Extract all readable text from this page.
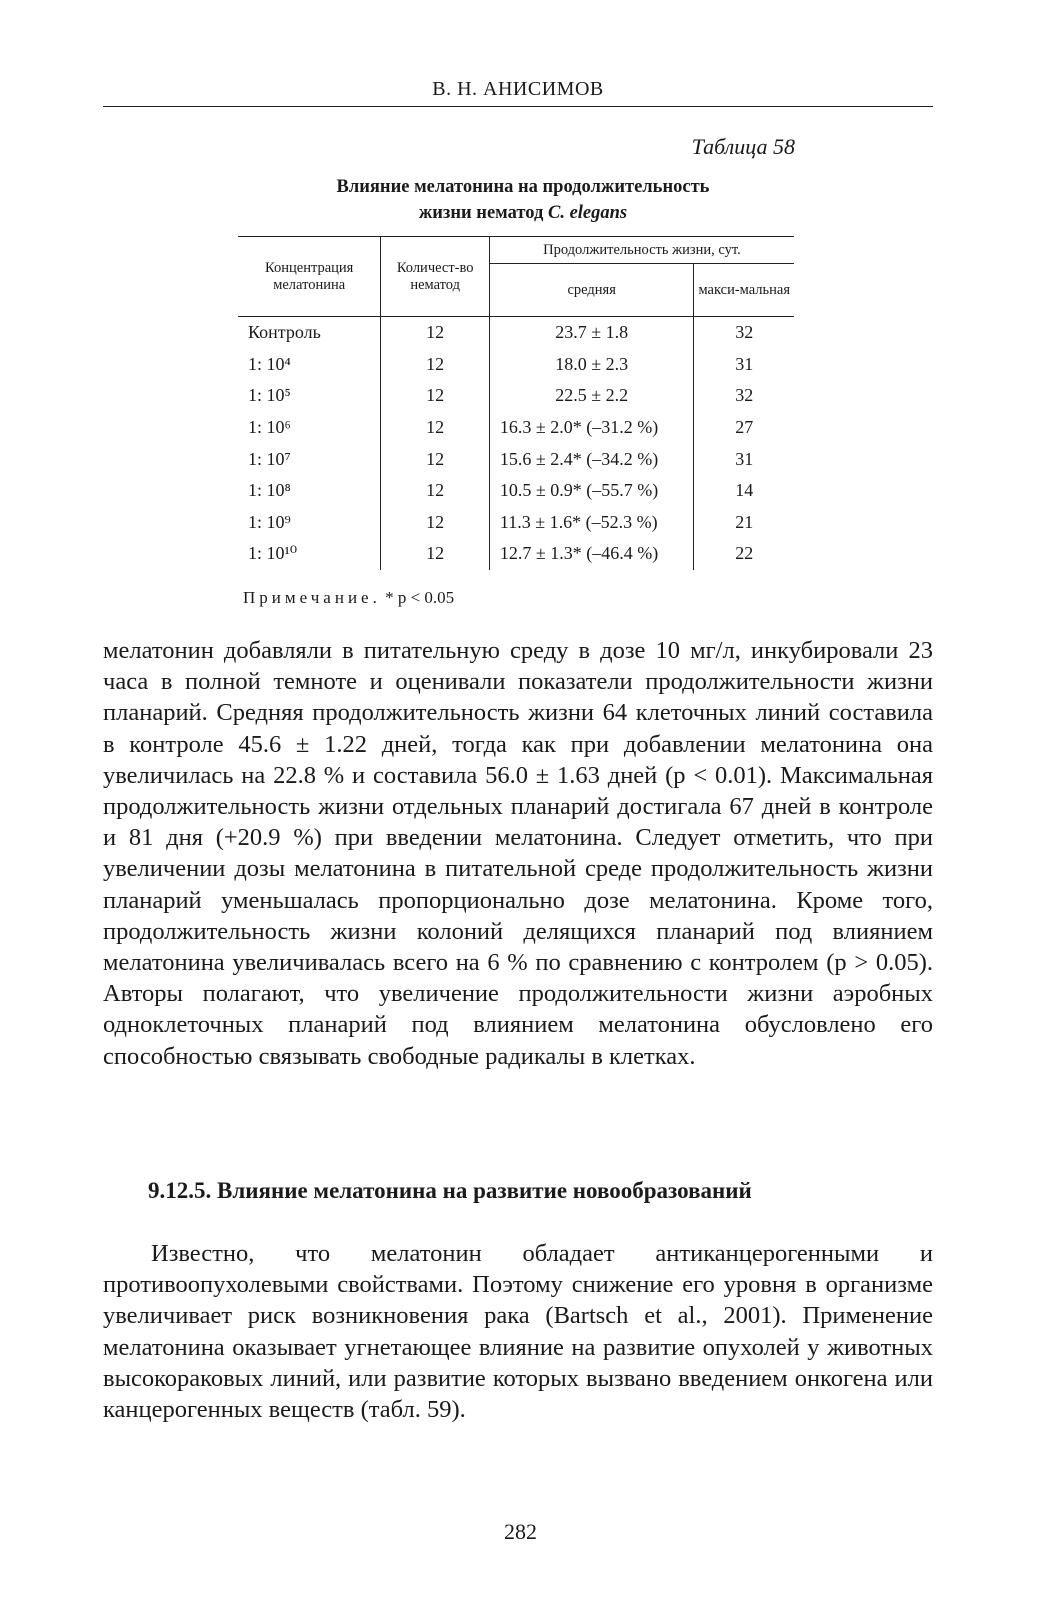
В. Н. АНИСИМОВ
Таблица 58
Влияние мелатонина на продолжительность
жизни нематод C. elegans
Концентрация мелатонина	Количест-во нематод	Продолжительность жизни, сут.	
		средняя	макси-мальная
Контроль	12	23.7 ± 1.8	32
1: 10⁴	12	18.0 ± 2.3	31
1: 10⁵	12	22.5 ± 2.2	32
1: 10⁶	12	16.3 ± 2.0* (–31.2 %)	27
1: 10⁷	12	15.6 ± 2.4* (–34.2 %)	31
1: 10⁸	12	10.5 ± 0.9* (–55.7 %)	14
1: 10⁹	12	11.3 ± 1.6* (–52.3 %)	21
1: 10¹⁰	12	12.7 ± 1.3* (–46.4 %)	22
Примечание. * p < 0.05
мелатонин добавляли в питательную среду в дозе 10 мг/л, инкубировали 23 часа в полной темноте и оценивали показатели продолжительности жизни планарий. Средняя продолжительность жизни 64 клеточных линий составила в контроле 45.6 ± 1.22 дней, тогда как при добавлении мелатонина она увеличилась на 22.8 % и составила 56.0 ± 1.63 дней (p < 0.01). Максимальная продолжительность жизни отдельных планарий достигала 67 дней в контроле и 81 дня (+20.9 %) при введении мелатонина. Следует отметить, что при увеличении дозы мелатонина в питательной среде продолжительность жизни планарий уменьшалась пропорционально дозе мелатонина. Кроме того, продолжительность жизни колоний делящихся планарий под влиянием мелатонина увеличивалась всего на 6 % по сравнению с контролем (p > 0.05). Авторы полагают, что увеличение продолжительности жизни аэробных одноклеточных планарий под влиянием мелатонина обусловлено его способностью связывать свободные радикалы в клетках.
9.12.5. Влияние мелатонина на развитие новообразований
Известно, что мелатонин обладает антиканцерогенными и противоопухолевыми свойствами. Поэтому снижение его уровня в организме увеличивает риск возникновения рака (Bartsch et al., 2001). Применение мелатонина оказывает угнетающее влияние на развитие опухолей у животных высокораковых линий, или развитие которых вызвано введением онкогена или канцерогенных веществ (табл. 59).
282
